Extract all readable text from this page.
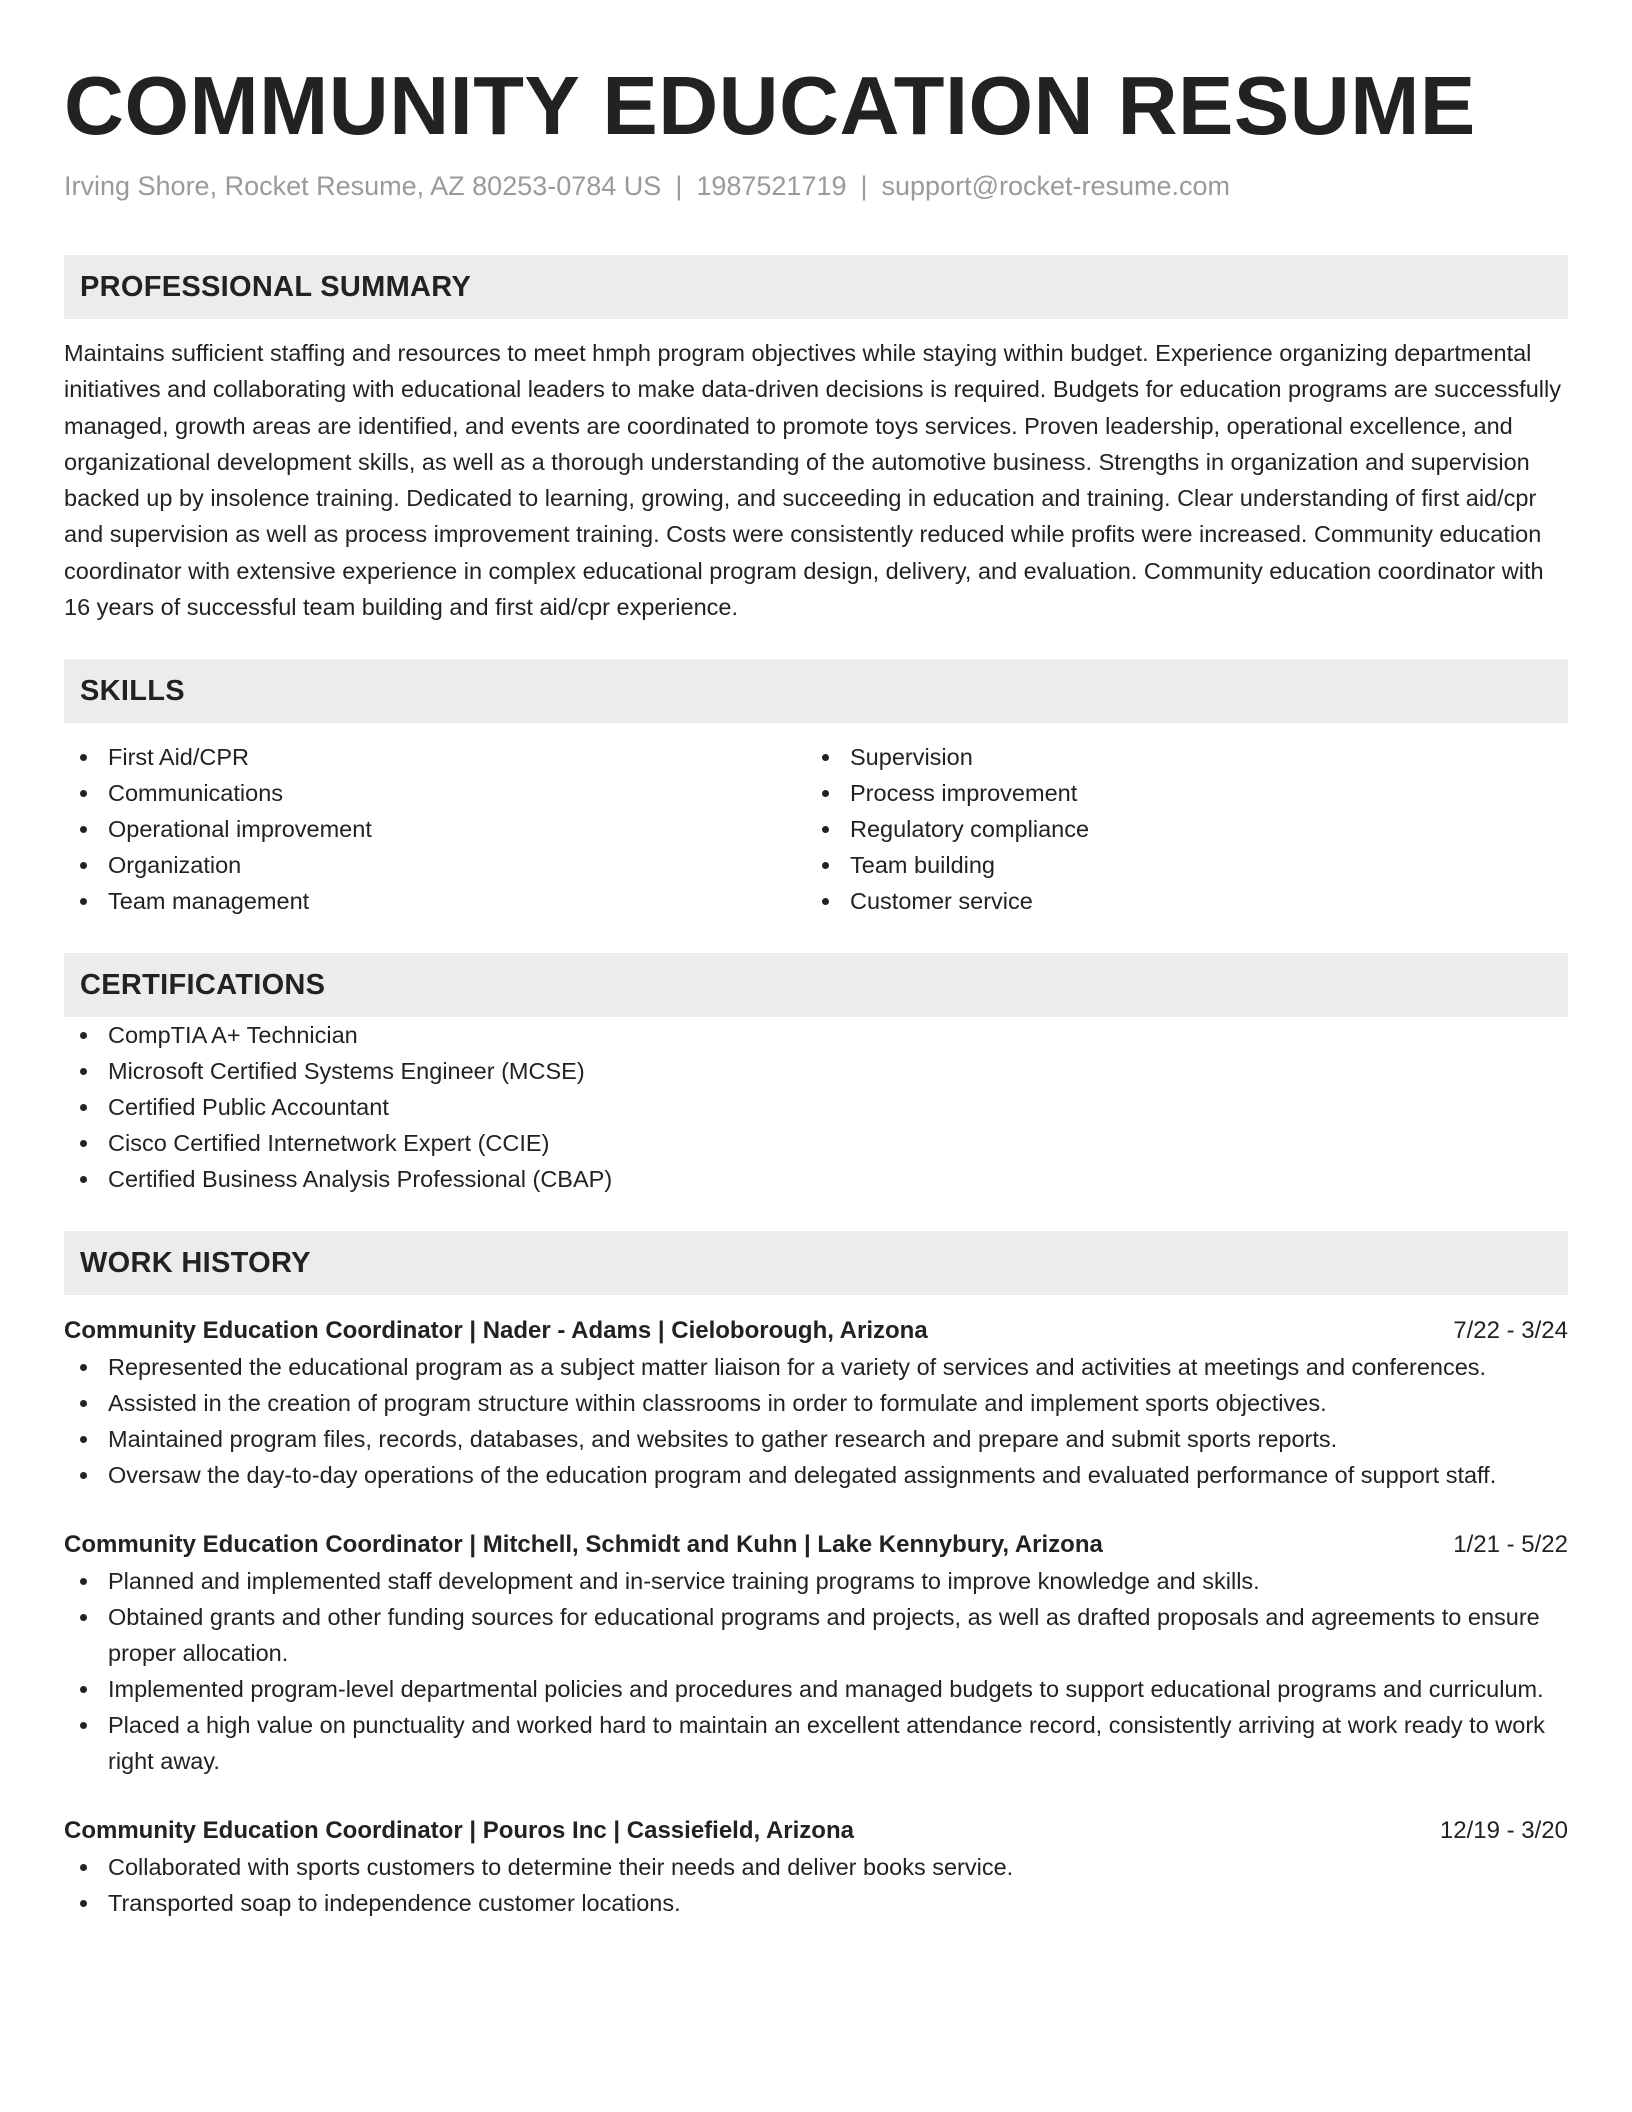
COMMUNITY EDUCATION RESUME
Irving Shore, Rocket Resume, AZ 80253-0784 US | 1987521719 | support@rocket-resume.com
PROFESSIONAL SUMMARY
Maintains sufficient staffing and resources to meet hmph program objectives while staying within budget. Experience organizing departmental initiatives and collaborating with educational leaders to make data-driven decisions is required. Budgets for education programs are successfully managed, growth areas are identified, and events are coordinated to promote toys services. Proven leadership, operational excellence, and organizational development skills, as well as a thorough understanding of the automotive business. Strengths in organization and supervision backed up by insolence training. Dedicated to learning, growing, and succeeding in education and training. Clear understanding of first aid/cpr and supervision as well as process improvement training. Costs were consistently reduced while profits were increased. Community education coordinator with extensive experience in complex educational program design, delivery, and evaluation. Community education coordinator with 16 years of successful team building and first aid/cpr experience.
SKILLS
First Aid/CPR
Communications
Operational improvement
Organization
Team management
Supervision
Process improvement
Regulatory compliance
Team building
Customer service
CERTIFICATIONS
CompTIA A+ Technician
Microsoft Certified Systems Engineer (MCSE)
Certified Public Accountant
Cisco Certified Internetwork Expert (CCIE)
Certified Business Analysis Professional (CBAP)
WORK HISTORY
Community Education Coordinator | Nader - Adams | Cieloborough, Arizona	7/22 - 3/24
Represented the educational program as a subject matter liaison for a variety of services and activities at meetings and conferences.
Assisted in the creation of program structure within classrooms in order to formulate and implement sports objectives.
Maintained program files, records, databases, and websites to gather research and prepare and submit sports reports.
Oversaw the day-to-day operations of the education program and delegated assignments and evaluated performance of support staff.
Community Education Coordinator | Mitchell, Schmidt and Kuhn | Lake Kennybury, Arizona	1/21 - 5/22
Planned and implemented staff development and in-service training programs to improve knowledge and skills.
Obtained grants and other funding sources for educational programs and projects, as well as drafted proposals and agreements to ensure proper allocation.
Implemented program-level departmental policies and procedures and managed budgets to support educational programs and curriculum.
Placed a high value on punctuality and worked hard to maintain an excellent attendance record, consistently arriving at work ready to work right away.
Community Education Coordinator | Pouros Inc | Cassiefield, Arizona	12/19 - 3/20
Collaborated with sports customers to determine their needs and deliver books service.
Transported soap to independence customer locations.
